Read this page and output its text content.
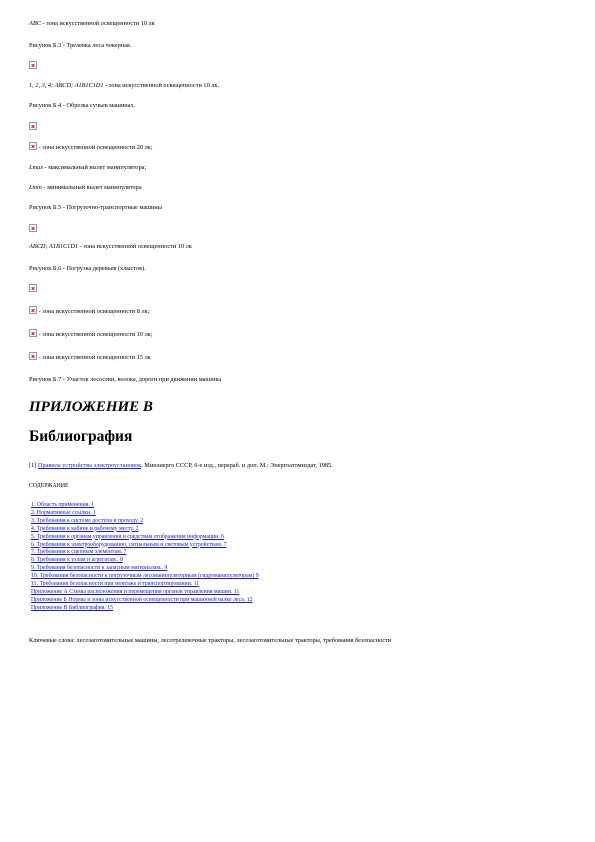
ABC - зона искусственной освещенности 10 лк
Рисунок Б.3 - Трелевка леса чокерная.
1, 2, 3, 4; ABCD; A1B1C1D1 - зона искусственной освещенности 10 лк.
Рисунок Б.4 - Обрезка сучьев машинах.
- зона искусственной освещенности 20 лк;
Lmax - максимальный вылет манипулятора;
Lmin - минимальный вылет манипулятора
Рисунок Б.5 - Погрузочно-транспортные машины
ABCD; A1B1C1D1 - зона искусственной освещенности 10 лк
Рисунок Б.6 - Погрузка деревьев (хлыстов).
- зона искусственной освещенности 8 лк;
- зона искусственной освещенности 10 лк;
- зона искусственной освещенности 15 лк
Рисунок Б.7 - Участок лесосеки, волока, дороги при движении машины
ПРИЛОЖЕНИЕ В
Библиография
[1] Правила устройства электроустановок. Минэнерго СССР, 6-е изд., перераб. и доп. М.: Энергоатомиздат, 1985.
СОДЕРЖАНИЕ
1. Область применения. 1
2. Нормативные ссылки. 1
3. Требования к системе доступа и проходу. 2
4. Требования к кабине и рабочему месту. 2
5. Требования к органам управления и средствам отображения информации. 6
6. Требования к электрооборудованию, сигнальным и световым устройствам. 7
7. Требования к сцепным элементам. 7
8. Требования к узлам и агрегатам.. 8
9. Требования безопасности к запасным материалам.. 9
10. Требования безопасности к погрузочным лесоманипуляторным (гидроманипуляторам) 9
11. Требования безопасности при монтаже и транспортировании. 11
Приложение А Схемы расположения и перемещения органов управления машин. 11
Приложение Б Нормы и зоны искусственной освещенности при машинной валке леса. 12
Приложение В Библиография. 15
Ключевые слова: лесозаготовительные машины, лесотрелевочные тракторы, лесозаготовительные тракторы, требования безопасности
